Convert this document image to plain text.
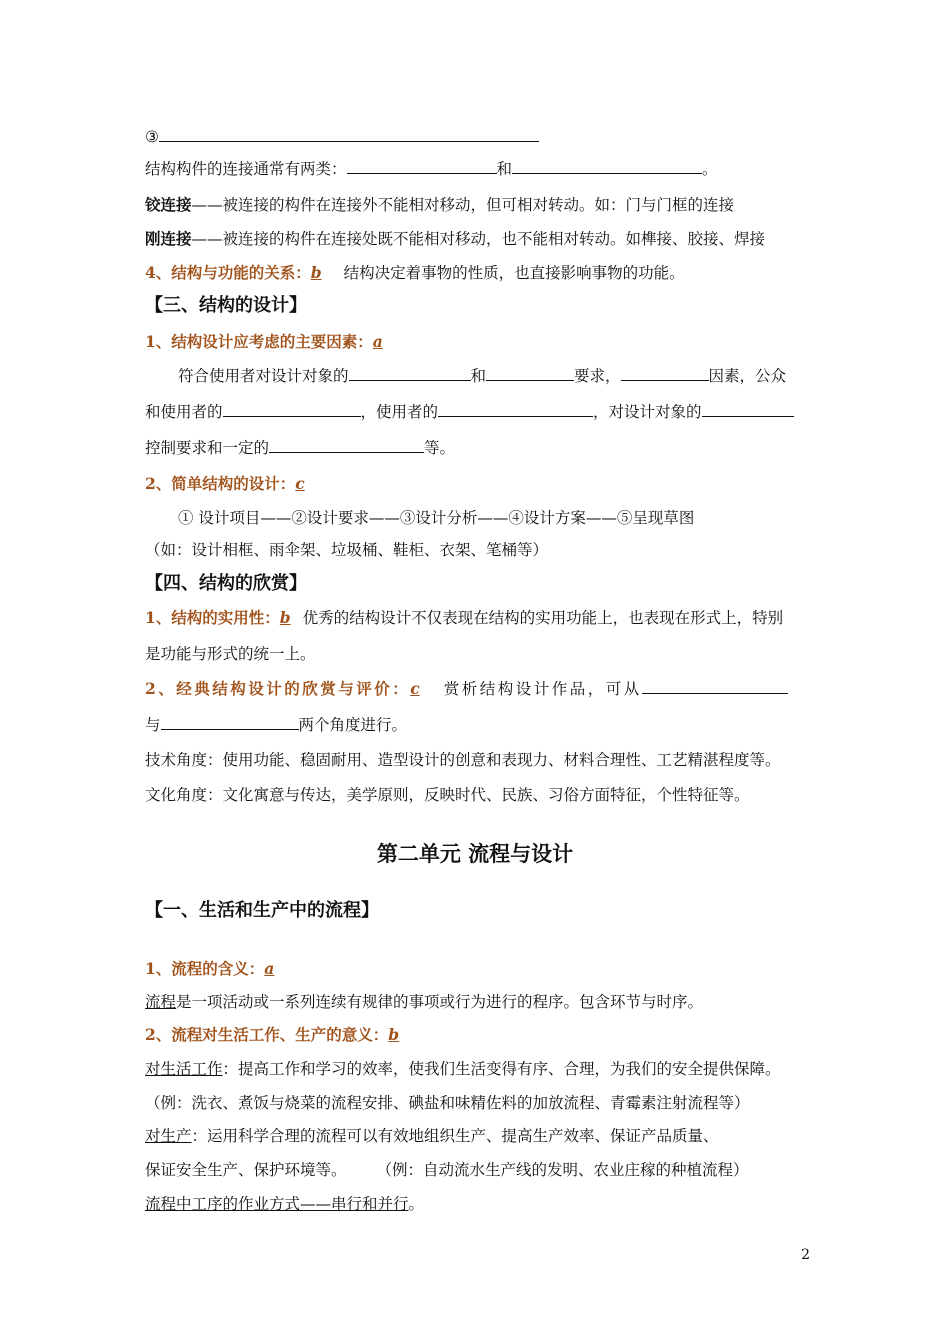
③
结构构件的连接通常有两类：	和	。
铰连接——被连接的构件在连接外不能相对移动，但可相对转动。如：门与门框的连接
刚连接——被连接的构件在连接处既不能相对移动，也不能相对转动。如榫接、胶接、焊接
4、结构与功能的关系：b 结构决定着事物的性质，也直接影响事物的功能。
【三、结构的设计】
1、结构设计应考虑的主要因素：a
符合使用者对设计对象的	和	要求，	因素，公众
和使用者的	，使用者的	，对设计对象的
控制要求和一定的	等。
2、简单结构的设计：c
① 设计项目——②设计要求——③设计分析——④设计方案——⑤呈现草图
（如：设计相框、雨伞架、垃圾桶、鞋柜、衣架、笔桶等）
【四、结构的欣赏】
1、结构的实用性：b 优秀的结构设计不仅表现在结构的实用功能上，也表现在形式上，特别
是功能与形式的统一上。
2、经典结构设计的欣赏与评价：c 赏析结构设计作品，可从
与	两个角度进行。
技术角度：使用功能、稳固耐用、造型设计的创意和表现力、材料合理性、工艺精湛程度等。
文化角度：文化寓意与传达，美学原则，反映时代、民族、习俗方面特征，个性特征等。
第二单元 流程与设计
【一、生活和生产中的流程】
1、流程的含义：a
流程是一项活动或一系列连续有规律的事项或行为进行的程序。包含环节与时序。
2、流程对生活工作、生产的意义：b
对生活工作：提高工作和学习的效率，使我们生活变得有序、合理，为我们的安全提供保障。
（例：洗衣、煮饭与烧菜的流程安排、碘盐和味精佐料的加放流程、青霉素注射流程等）
对生产：运用科学合理的流程可以有效地组织生产、提高生产效率、保证产品质量、
保证安全生产、保护环境等。 （例：自动流水生产线的发明、农业庄稼的种植流程）
流程中工序的作业方式——串行和并行。
2
